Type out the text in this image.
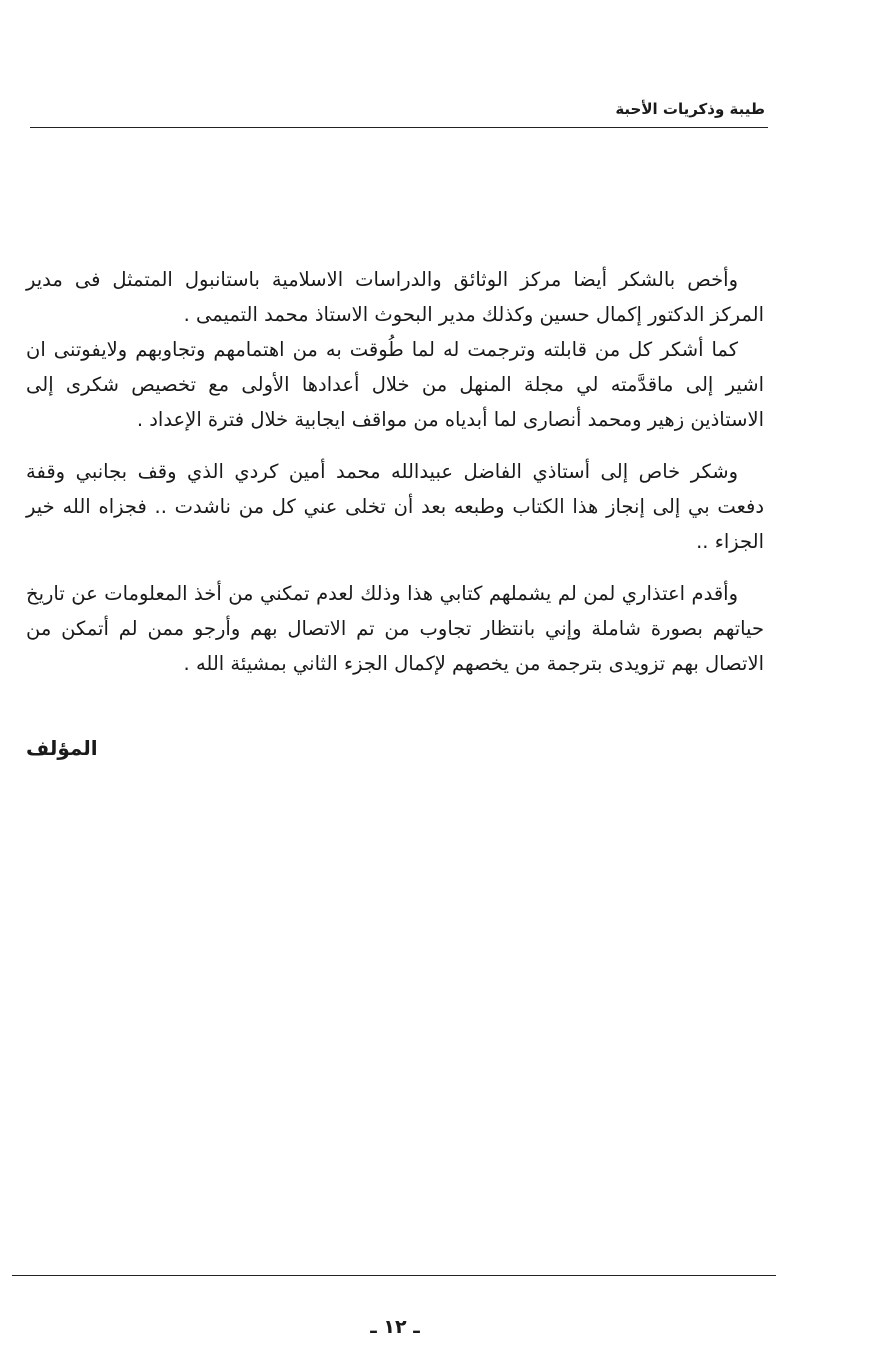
طيبة وذكريات الأحبة

وأخص بالشكر أيضا مركز الوثائق والدراسات الاسلامية باستانبول المتمثل فى مدير المركز الدكتور إكمال حسين وكذلك مدير البحوث الاستاذ محمد التميمى .

كما أشكر كل من قابلته وترجمت له لما طُوقت به من اهتمامهم وتجاوبهم ولايفوتنى ان اشير إلى ماقدَّمته لي مجلة المنهل من خلال أعدادها الأولى مع تخصيص شكرى إلى الاستاذين زهير ومحمد أنصارى لما أبدياه من مواقف ايجابية خلال فترة الإعداد .

وشكر خاص إلى أستاذي الفاضل عبيدالله محمد أمين كردي الذي وقف بجانبي وقفة دفعت بي إلى إنجاز هذا الكتاب وطبعه بعد أن تخلى عني كل من ناشدت .. فجزاه الله خير الجزاء ..

وأقدم اعتذاري لمن لم يشملهم كتابي هذا وذلك لعدم تمكني من أخذ المعلومات عن تاريخ حياتهم بصورة شاملة وإني بانتظار تجاوب من تم الاتصال بهم وأرجو ممن لم أتمكن من الاتصال بهم تزويدى بترجمة من يخصهم لإكمال الجزء الثاني بمشيئة الله .

المؤلف
ـ ١٢ ـ
